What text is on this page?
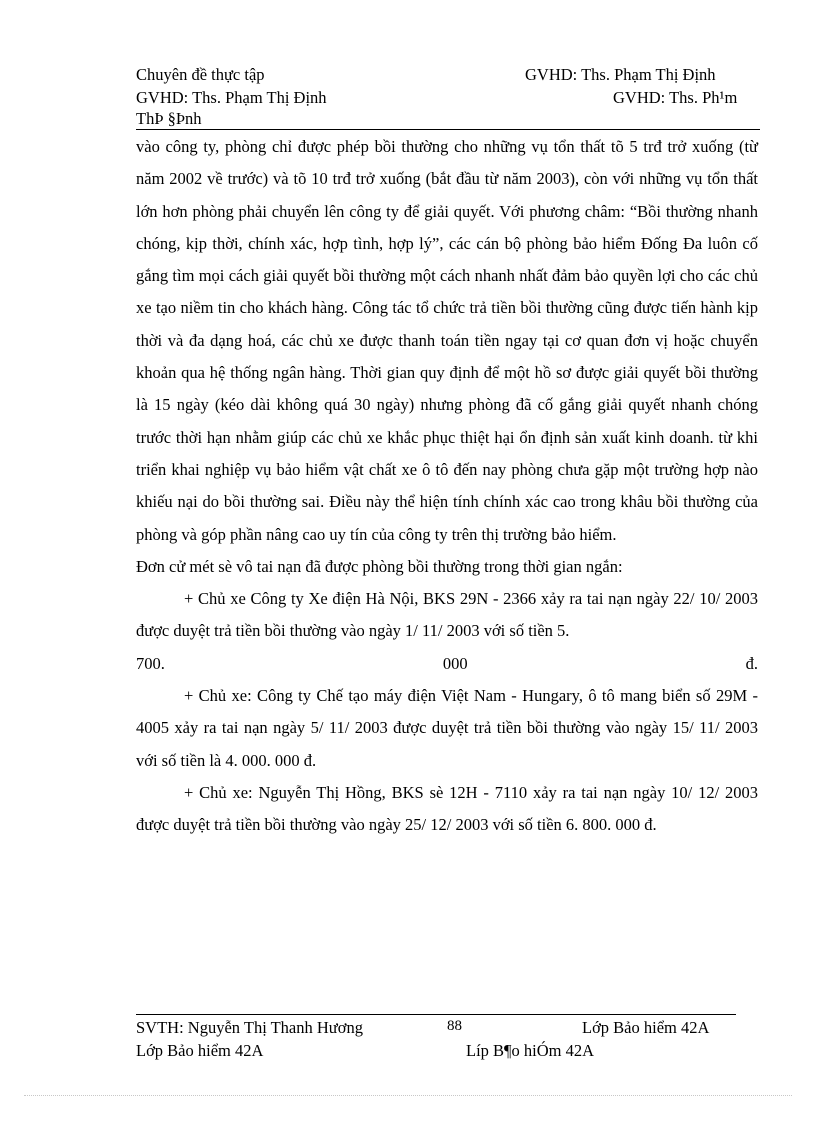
Chuyên đề thực tập	GVHD: Ths. Phạm Thị Định
GVHD: Ths. Phạm Thị Định	GVHD: Ths. Ph¹m
ThÞ §Þnh

vào công ty, phòng chỉ được phép bồi thường cho những vụ tổn thất tõ 5 trđ trở xuống (từ năm 2002 về trước) và tõ 10 trđ trở xuống (bắt đầu từ năm 2003), còn với những vụ tổn thất lớn hơn phòng phải chuyển lên công ty để giải quyết. Với phương châm: “Bồi thường nhanh chóng, kịp thời, chính xác, hợp tình, hợp lý”, các cán bộ phòng bảo hiểm Đống Đa luôn cố gắng tìm mọi cách giải quyết bồi thường một cách nhanh nhất đảm bảo quyền lợi cho các chủ xe tạo niềm tin cho khách hàng. Công tác tổ chức trả tiền bồi thường cũng được tiến hành kịp thời và đa dạng hoá, các chủ xe được thanh toán tiền ngay tại cơ quan đơn vị hoặc chuyển khoản qua hệ thống ngân hàng. Thời gian quy định để một hồ sơ được giải quyết bồi thường là 15 ngày (kéo dài không quá 30 ngày) nhưng phòng đã cố gắng giải quyết nhanh chóng trước thời hạn nhằm giúp các chủ xe khắc phục thiệt hại ổn định sản xuất kinh doanh. từ khi triển khai nghiệp vụ bảo hiểm vật chất xe ô tô đến nay phòng chưa gặp một trường hợp nào khiếu nại do bồi thường sai. Điều này thể hiện tính chính xác cao trong khâu bồi thường của phòng và góp phần nâng cao uy tín của công ty trên thị trường bảo hiểm.

Đơn cử mét sè vô tai nạn đã được phòng bồi thường trong thời gian ngắn:

+ Chủ xe Công ty Xe điện Hà Nội, BKS 29N - 2366 xảy ra tai nạn ngày 22/ 10/ 2003 được duyệt trả tiền bồi thường vào ngày 1/ 11/ 2003 với số tiền 5.

700.	000	đ.

+ Chủ xe: Công ty Chế tạo máy điện Việt Nam - Hungary, ô tô mang biển số 29M - 4005 xảy ra tai nạn ngày 5/ 11/ 2003 được duyệt trả tiền bồi thường vào ngày 15/ 11/ 2003 với số tiền là 4. 000. 000 đ.

+ Chủ xe: Nguyễn Thị Hồng, BKS sè 12H - 7110 xảy ra tai nạn ngày 10/ 12/ 2003 được duyệt trả tiền bồi thường vào ngày 25/ 12/ 2003 với số tiền 6. 800. 000 đ.

SVTH: Nguyễn Thị Thanh Hương	88	Lớp Bảo hiểm 42A
Lớp Bảo hiểm 42A	Líp B¶o hiÓm 42A
